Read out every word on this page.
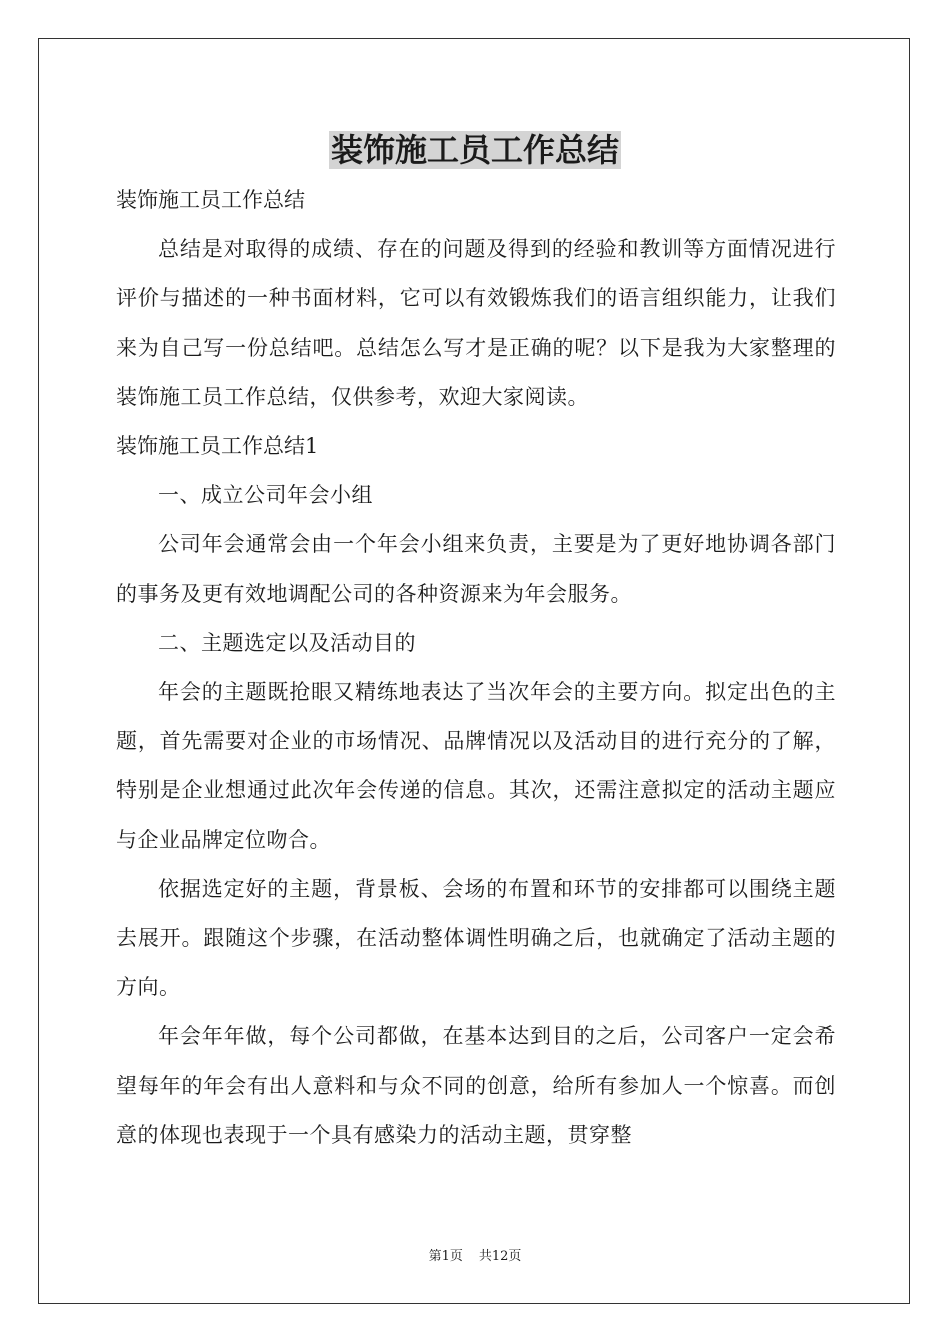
装饰施工员工作总结

装饰施工员工作总结

总结是对取得的成绩、存在的问题及得到的经验和教训等方面情况进行评价与描述的一种书面材料，它可以有效锻炼我们的语言组织能力，让我们来为自己写一份总结吧。总结怎么写才是正确的呢？以下是我为大家整理的装饰施工员工作总结，仅供参考，欢迎大家阅读。

装饰施工员工作总结1

一、成立公司年会小组

公司年会通常会由一个年会小组来负责，主要是为了更好地协调各部门的事务及更有效地调配公司的各种资源来为年会服务。

二、主题选定以及活动目的

年会的主题既抢眼又精练地表达了当次年会的主要方向。拟定出色的主题，首先需要对企业的市场情况、品牌情况以及活动目的进行充分的了解，特别是企业想通过此次年会传递的信息。其次，还需注意拟定的活动主题应与企业品牌定位吻合。

依据选定好的主题，背景板、会场的布置和环节的安排都可以围绕主题去展开。跟随这个步骤，在活动整体调性明确之后，也就确定了活动主题的方向。

年会年年做，每个公司都做，在基本达到目的之后，公司客户一定会希望每年的年会有出人意料和与众不同的创意，给所有参加人一个惊喜。而创意的体现也表现于一个具有感染力的活动主题，贯穿整

第1页 共12页
